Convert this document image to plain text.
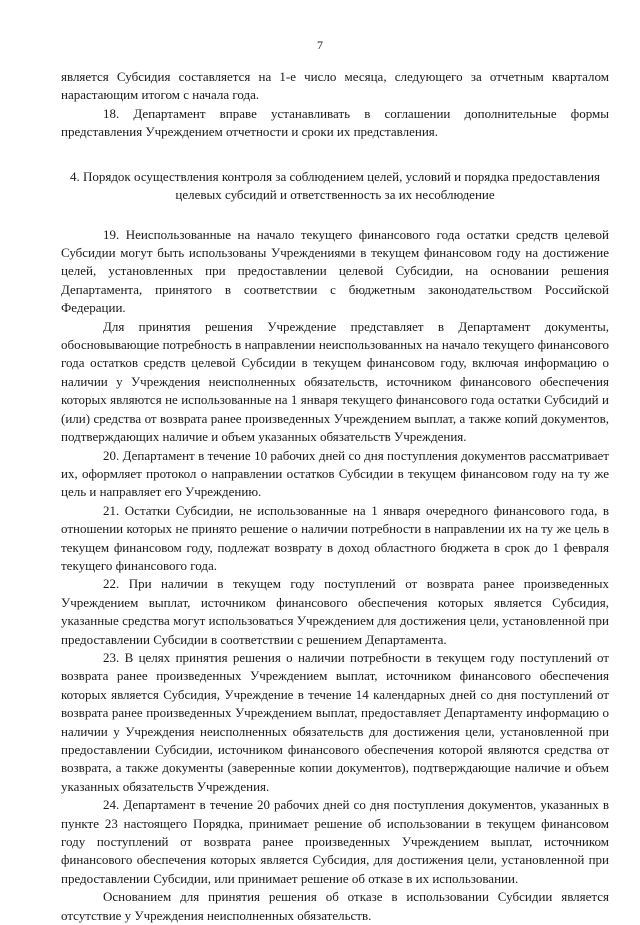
7

является Субсидия составляется на 1-е число месяца, следующего за отчетным кварталом нарастающим итогом с начала года.

18. Департамент вправе устанавливать в соглашении дополнительные формы представления Учреждением отчетности и сроки их представления.

4. Порядок осуществления контроля за соблюдением целей, условий и порядка предоставления целевых субсидий и ответственность за их несоблюдение

19. Неиспользованные на начало текущего финансового года остатки средств целевой Субсидии могут быть использованы Учреждениями в текущем финансовом году на достижение целей, установленных при предоставлении целевой Субсидии, на основании решения Департамента, принятого в соответствии с бюджетным законодательством Российской Федерации.

Для принятия решения Учреждение представляет в Департамент документы, обосновывающие потребность в направлении неиспользованных на начало текущего финансового года остатков средств целевой Субсидии в текущем финансовом году, включая информацию о наличии у Учреждения неисполненных обязательств, источником финансового обеспечения которых являются не использованные на 1 января текущего финансового года остатки Субсидий и (или) средства от возврата ранее произведенных Учреждением выплат, а также копий документов, подтверждающих наличие и объем указанных обязательств Учреждения.

20. Департамент в течение 10 рабочих дней со дня поступления документов рассматривает их, оформляет протокол о направлении остатков Субсидии в текущем финансовом году на ту же цель и направляет его Учреждению.

21. Остатки Субсидии, не использованные на 1 января очередного финансового года, в отношении которых не принято решение о наличии потребности в направлении их на ту же цель в текущем финансовом году, подлежат возврату в доход областного бюджета в срок до 1 февраля текущего финансового года.

22. При наличии в текущем году поступлений от возврата ранее произведенных Учреждением выплат, источником финансового обеспечения которых является Субсидия, указанные средства могут использоваться Учреждением для достижения цели, установленной при предоставлении Субсидии в соответствии с решением Департамента.

23. В целях принятия решения о наличии потребности в текущем году поступлений от возврата ранее произведенных Учреждением выплат, источником финансового обеспечения которых является Субсидия, Учреждение в течение 14 календарных дней со дня поступлений от возврата ранее произведенных Учреждением выплат, предоставляет Департаменту информацию о наличии у Учреждения неисполненных обязательств для достижения цели, установленной при предоставлении Субсидии, источником финансового обеспечения которой являются средства от возврата, а также документы (заверенные копии документов), подтверждающие наличие и объем указанных обязательств Учреждения.

24. Департамент в течение 20 рабочих дней со дня поступления документов, указанных в пункте 23 настоящего Порядка, принимает решение об использовании в текущем финансовом году поступлений от возврата ранее произведенных Учреждением выплат, источником финансового обеспечения которых является Субсидия, для достижения цели, установленной при предоставлении Субсидии, или принимает решение об отказе в их использовании.

Основанием для принятия решения об отказе в использовании Субсидии является отсутствие у Учреждения неисполненных обязательств.
